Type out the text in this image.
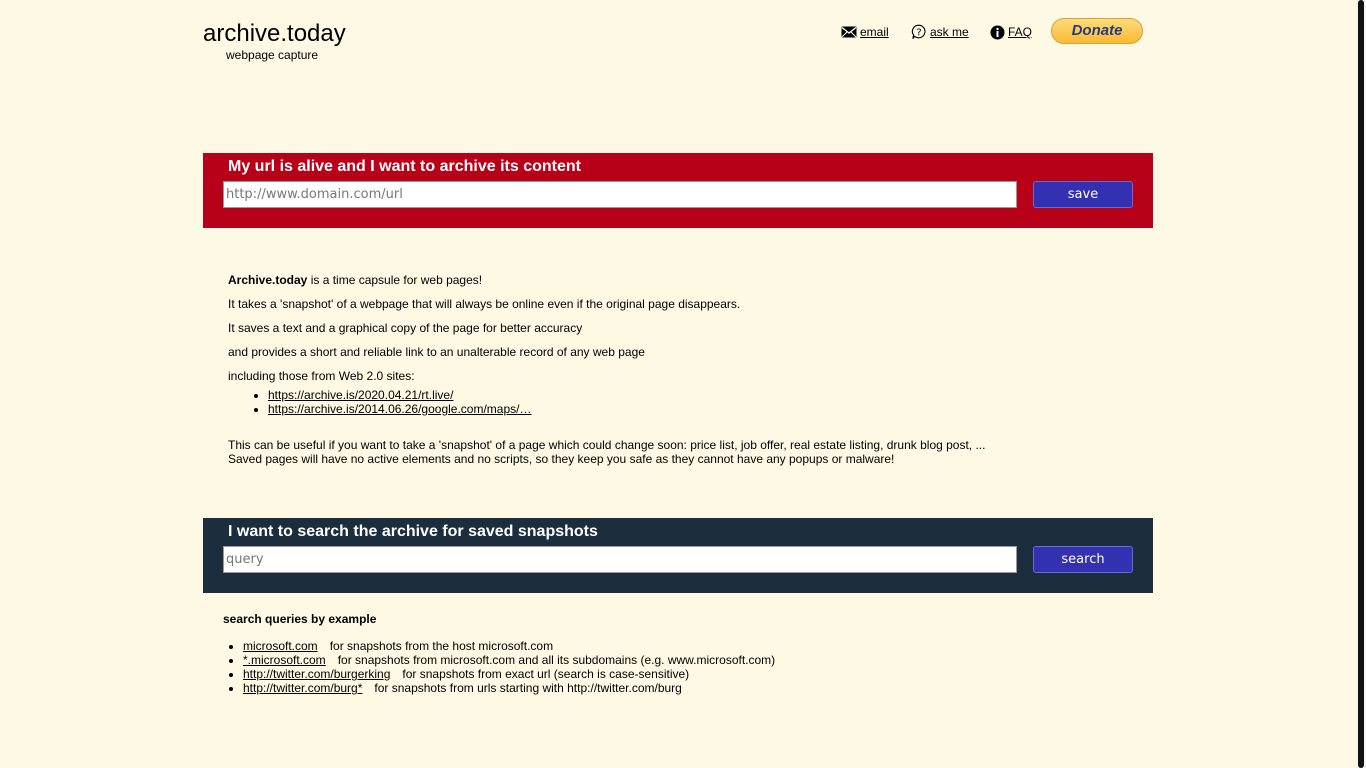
archive.today
webpage capture
email	? ask me	FAQ	Donate
My url is alive and I want to archive its content
http://www.domain.com/url
save

Archive.today is a time capsule for web pages!

It takes a 'snapshot' of a webpage that will always be online even if the original page disappears.

It saves a text and a graphical copy of the page for better accuracy

and provides a short and reliable link to an unalterable record of any web page

including those from Web 2.0 sites:

• https://archive.is/2020.04.21/rt.live/
• https://archive.is/2014.06.26/google.com/maps/…
This can be useful if you want to take a 'snapshot' of a page which could change soon: price list, job offer, real estate listing, drunk blog post, ...
Saved pages will have no active elements and no scripts, so they keep you safe as they cannot have any popups or malware!
I want to search the archive for saved snapshots
query
search
search queries by example
• microsoft.com for snapshots from the host microsoft.com
• *.microsoft.com for snapshots from microsoft.com and all its subdomains (e.g. www.microsoft.com)
• http://twitter.com/burgerking for snapshots from exact url (search is case-sensitive)
• http://twitter.com/burg* for snapshots from urls starting with http://twitter.com/burg
